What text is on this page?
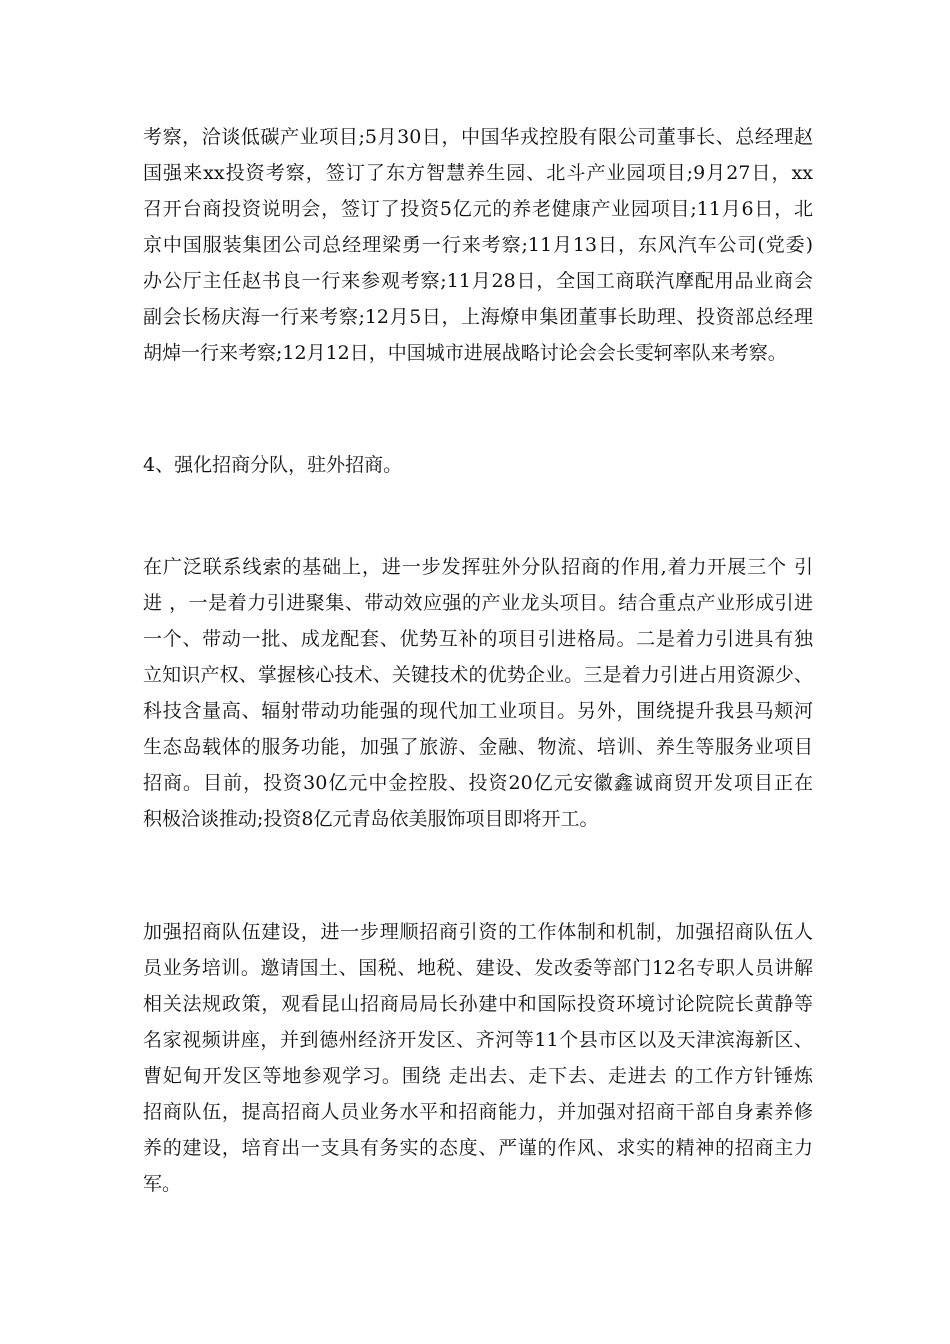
考察，洽谈低碳产业项目;5月30日，中国华戎控股有限公司董事长、总经理赵
国强来xx投资考察，签订了东方智慧养生园、北斗产业园项目;9月27日，xx
召开台商投资说明会，签订了投资5亿元的养老健康产业园项目;11月6日，北
京中国服装集团公司总经理梁勇一行来考察;11月13日，东风汽车公司(党委)
办公厅主任赵书良一行来参观考察;11月28日，全国工商联汽摩配用品业商会
副会长杨庆海一行来考察;12月5日，上海燎申集团董事长助理、投资部总经理
胡焯一行来考察;12月12日，中国城市进展战略讨论会会长雯轲率队来考察。
4、强化招商分队，驻外招商。
在广泛联系线索的基础上，进一步发挥驻外分队招商的作用,着力开展三个 引
进 ，一是着力引进聚集、带动效应强的产业龙头项目。结合重点产业形成引进
一个、带动一批、成龙配套、优势互补的项目引进格局。二是着力引进具有独
立知识产权、掌握核心技术、关键技术的优势企业。三是着力引进占用资源少、
科技含量高、辐射带动功能强的现代加工业项目。另外，围绕提升我县马颊河
生态岛载体的服务功能，加强了旅游、金融、物流、培训、养生等服务业项目
招商。目前，投资30亿元中金控股、投资20亿元安徽鑫诚商贸开发项目正在
积极洽谈推动;投资8亿元青岛依美服饰项目即将开工。
加强招商队伍建设，进一步理顺招商引资的工作体制和机制，加强招商队伍人
员业务培训。邀请国土、国税、地税、建设、发改委等部门12名专职人员讲解
相关法规政策，观看昆山招商局局长孙建中和国际投资环境讨论院院长黄静等
名家视频讲座，并到德州经济开发区、齐河等11个县市区以及天津滨海新区、
曹妃甸开发区等地参观学习。围绕 走出去、走下去、走进去 的工作方针锤炼
招商队伍，提高招商人员业务水平和招商能力，并加强对招商干部自身素养修
养的建设，培育出一支具有务实的态度、严谨的作风、求实的精神的招商主力
军。
